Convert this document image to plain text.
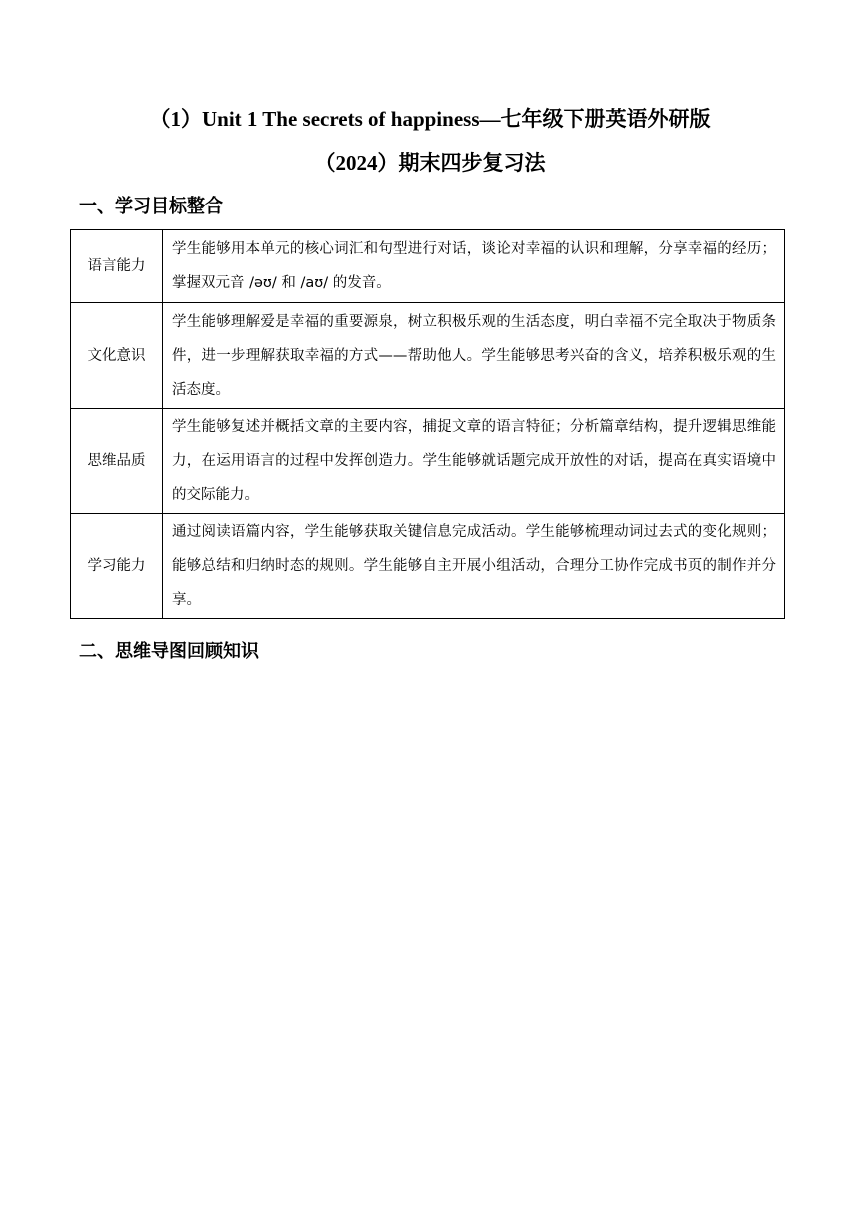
（1）Unit 1 The secrets of happiness—七年级下册英语外研版
（2024）期末四步复习法
一、学习目标整合
语言能力	学生能够用本单元的核心词汇和句型进行对话，谈论对幸福的认识和理解，分享幸福的经历；掌握双元音 /əʊ/ 和 /aʊ/ 的发音。
文化意识	学生能够理解爱是幸福的重要源泉，树立积极乐观的生活态度，明白幸福不完全取决于物质条件，进一步理解获取幸福的方式——帮助他人。学生能够思考兴奋的含义，培养积极乐观的生活态度。
思维品质	学生能够复述并概括文章的主要内容，捕捉文章的语言特征；分析篇章结构，提升逻辑思维能力，在运用语言的过程中发挥创造力。学生能够就话题完成开放性的对话，提高在真实语境中的交际能力。
学习能力	通过阅读语篇内容，学生能够获取关键信息完成活动。学生能够梳理动词过去式的变化规则；能够总结和归纳时态的规则。学生能够自主开展小组活动，合理分工协作完成书页的制作并分享。
二、思维导图回顾知识
